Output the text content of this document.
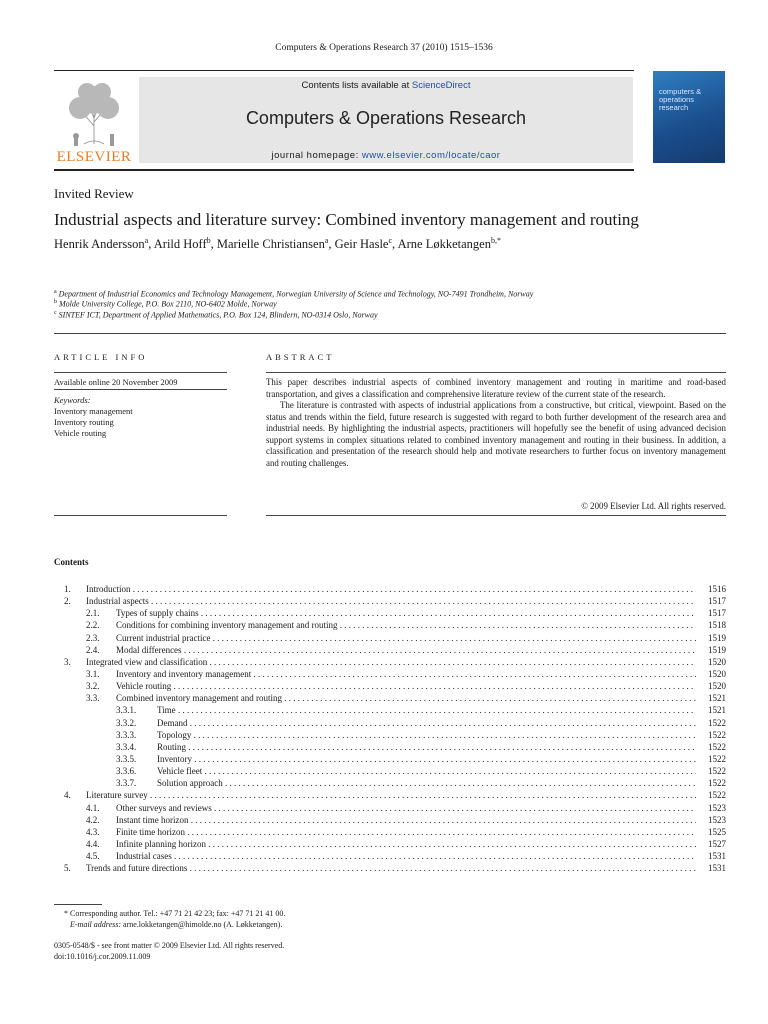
Computers & Operations Research 37 (2010) 1515–1536
ELSEVIER
Contents lists available at ScienceDirect
Computers & Operations Research
journal homepage: www.elsevier.com/locate/caor
computers & operations research
Invited Review
Industrial aspects and literature survey: Combined inventory management and routing
Henrik Andersson$^a$, Arild Hoff$^b$, Marielle Christiansen$^a$, Geir Hasle$^c$, Arne Løkketangen$^{b,*}$
$^a$ Department of Industrial Economics and Technology Management, Norwegian University of Science and Technology, NO-7491 Trondheim, Norway
$^b$ Molde University College, P.O. Box 2110, NO-6402 Molde, Norway
$^c$ SINTEF ICT, Department of Applied Mathematics, P.O. Box 124, Blindern, NO-0314 Oslo, Norway
ARTICLE INFO
Available online 20 November 2009
Keywords:
Inventory management
Inventory routing
Vehicle routing
ABSTRACT

This paper describes industrial aspects of combined inventory management and routing in maritime and road-based transportation, and gives a classification and comprehensive literature review of the current state of the research.

The literature is contrasted with aspects of industrial applications from a constructive, but critical, viewpoint. Based on the status and trends within the field, future research is suggested with regard to both further development of the research area and industrial needs. By highlighting the industrial aspects, practitioners will hopefully see the benefit of using advanced decision support systems in complex situations related to combined inventory management and routing in their business. In addition, a classification and presentation of the research should help and motivate researchers to further focus on inventory management and routing challenges.

© 2009 Elsevier Ltd. All rights reserved.
Contents
1. Introduction . . .	1516
2. Industrial aspects . . .	1517
2.1. Types of supply chains . . .	1517
2.2. Conditions for combining inventory management and routing . . .	1518
2.3. Current industrial practice . . .	1519
2.4. Modal differences . . .	1519
3. Integrated view and classification . . .	1520
3.1. Inventory and inventory management . . .	1520
3.2. Vehicle routing . . .	1520
3.3. Combined inventory management and routing . . .	1521
3.3.1. Time . . .	1521
3.3.2. Demand . . .	1522
3.3.3. Topology . . .	1522
3.3.4. Routing . . .	1522
3.3.5. Inventory . . .	1522
3.3.6. Vehicle fleet . . .	1522
3.3.7. Solution approach . . .	1522
4. Literature survey . . .	1522
4.1. Other surveys and reviews . . .	1523
4.2. Instant time horizon . . .	1523
4.3. Finite time horizon . . .	1525
4.4. Infinite planning horizon . . .	1527
4.5. Industrial cases . . .	1531
5. Trends and future directions . . .	1531
* Corresponding author. Tel.: +47 71 21 42 23; fax: +47 71 21 41 00.
E-mail address: arne.lokketangen@himolde.no (A. Løkketangen).
0305-0548/$ - see front matter © 2009 Elsevier Ltd. All rights reserved.
doi:10.1016/j.cor.2009.11.009
